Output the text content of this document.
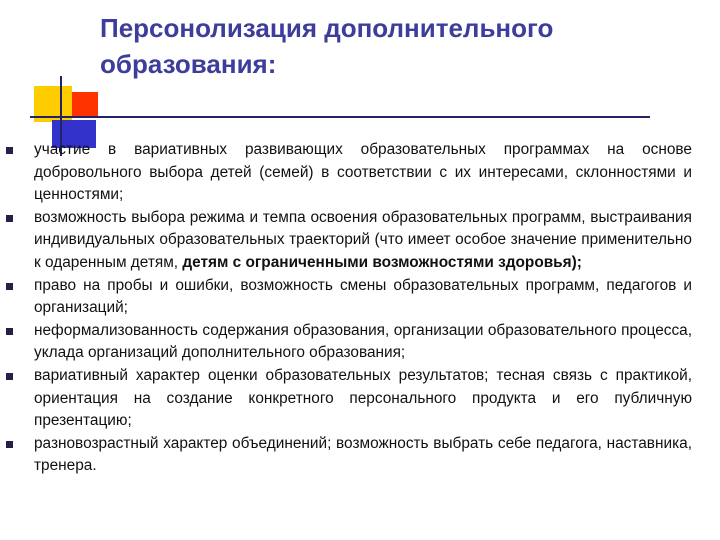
Персонолизация дополнительного
образования:
участие в вариативных развивающих образовательных программах на основе добровольного выбора детей (семей) в соответствии с их интересами, склонностями и ценностями;
возможность выбора режима и темпа освоения образовательных программ, выстраивания индивидуальных образовательных траекторий (что имеет особое значение применительно к одаренным детям, детям с ограниченными возможностями здоровья);
право на пробы и ошибки, возможность смены образовательных программ, педагогов и организаций;
неформализованность содержания образования, организации образовательного процесса, уклада организаций дополнительного образования;
вариативный характер оценки образовательных результатов; тесная связь с практикой, ориентация на создание конкретного персонального продукта и его публичную презентацию;
разновозрастный характер объединений; возможность выбрать себе педагога, наставника, тренера.
